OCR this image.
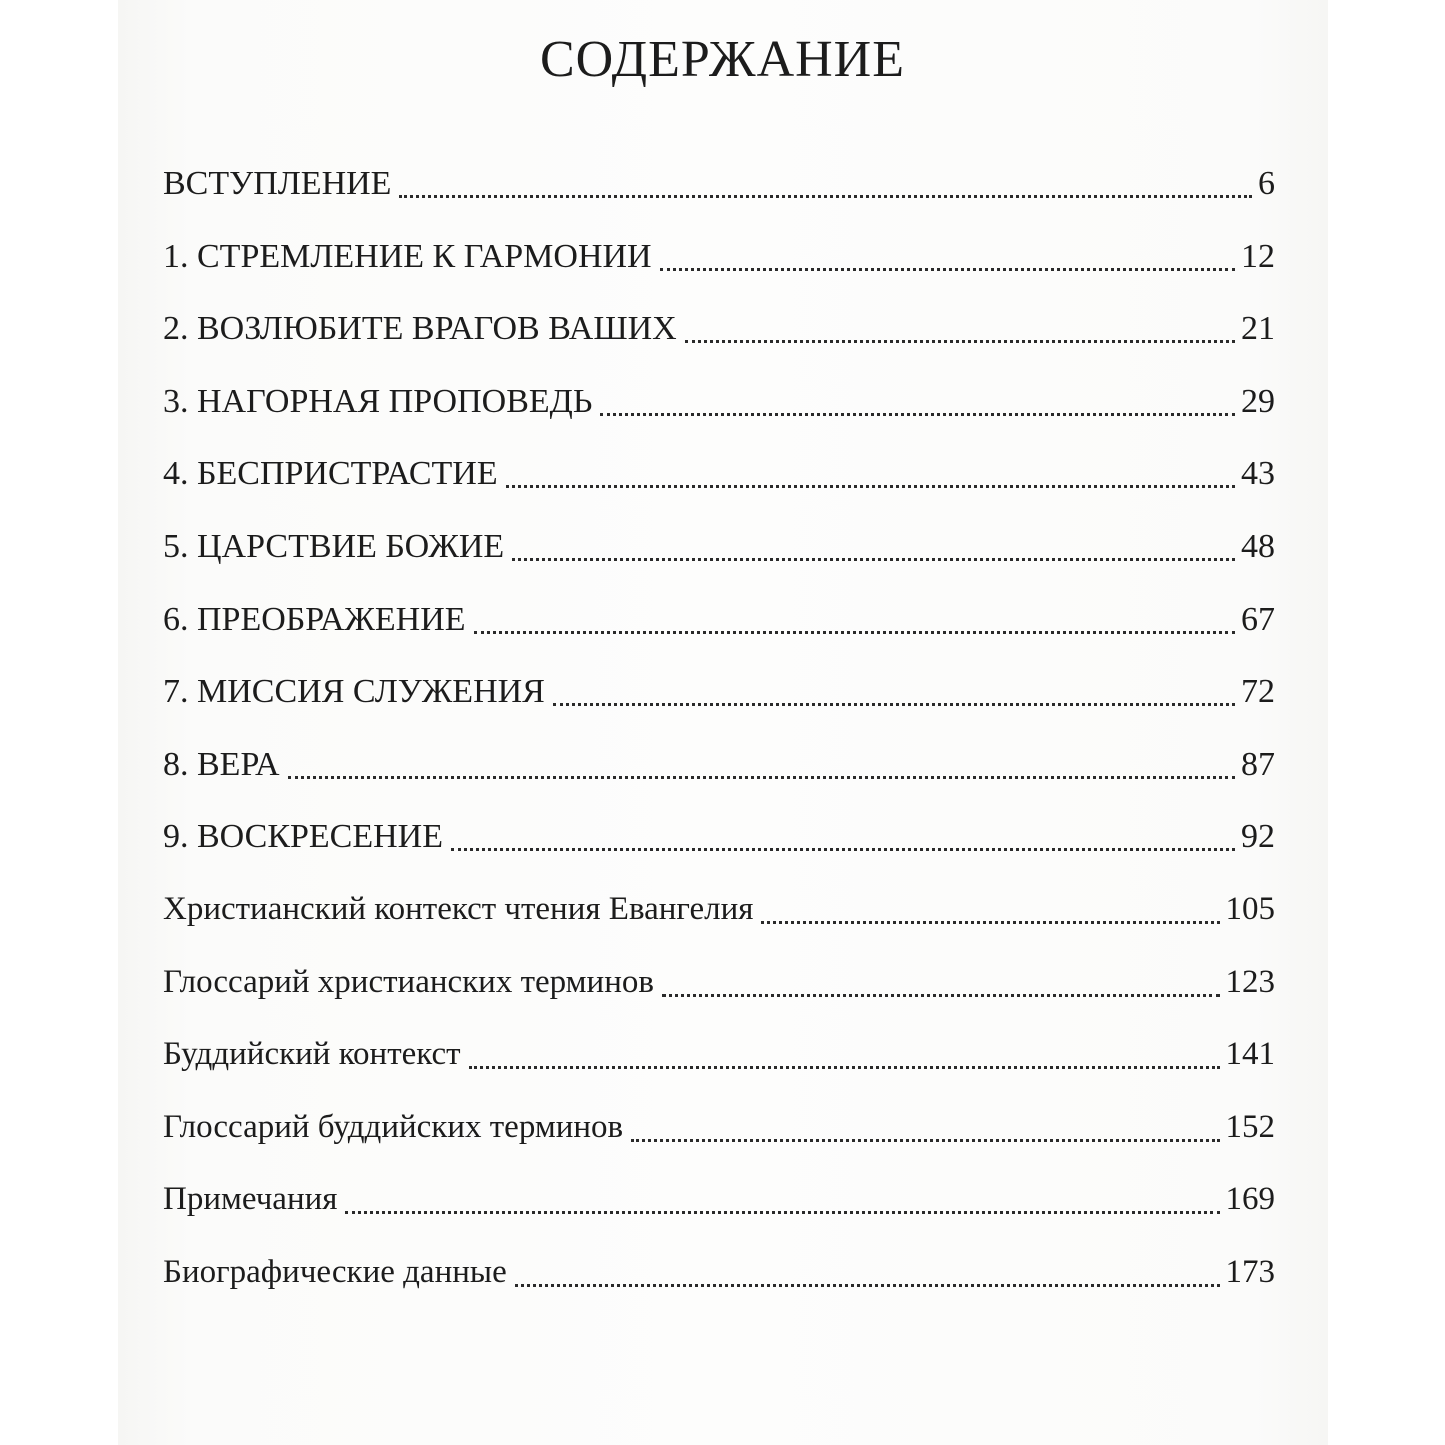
СОДЕРЖАНИЕ
ВСТУПЛЕНИЕ	6
1. СТРЕМЛЕНИЕ К ГАРМОНИИ	12
2. ВОЗЛЮБИТЕ ВРАГОВ ВАШИХ	21
3. НАГОРНАЯ ПРОПОВЕДЬ	29
4. БЕСПРИСТРАСТИЕ	43
5. ЦАРСТВИЕ БОЖИЕ	48
6. ПРЕОБРАЖЕНИЕ	67
7. МИССИЯ СЛУЖЕНИЯ	72
8. ВЕРА	87
9. ВОСКРЕСЕНИЕ	92
Христианский контекст чтения Евангелия	105
Глоссарий христианских терминов	123
Буддийский контекст	141
Глоссарий буддийских терминов	152
Примечания	169
Биографические данные	173
